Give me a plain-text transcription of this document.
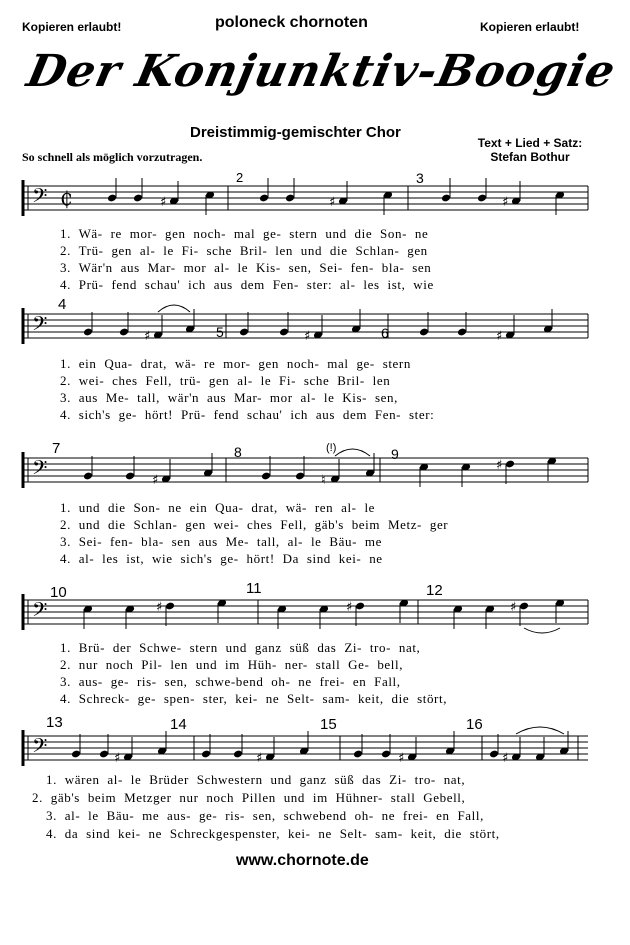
Kopieren erlaubt!	poloneck chornoten	Kopieren erlaubt!
Der Konjunktiv-Boogie
Dreistimmig-gemischter Chor
So schnell als möglich vorzutragen.
Text + Lied + Satz:
Stefan Bothur
𝄢 ₵	♯	♯	♯
𝄢	♯	♯	♯
𝄢	♯	♮
♯
𝄢	♯	♯	♯
𝄢	♯	♯	♯	♯
2	3
1. Wä- re mor- gen noch- mal ge- stern und die Son- ne
2. Trü- gen al- le Fi- sche Bril- len und die Schlan- gen
3. Wär'n aus Mar- mor al- le Kis- sen, Sei- fen- bla- sen
4. Prü- fend schau' ich aus dem Fen- ster: al- les ist, wie
4
5	6
1. ein Qua- drat, wä- re mor- gen noch- mal ge- stern
2. wei- ches Fell, trü- gen al- le Fi- sche Bril- len
3. aus Me- tall, wär'n aus Mar- mor al- le Kis- sen,
4. sich's ge- hört! Prü- fend schau' ich aus dem Fen- ster:
7	8	9
(!)
1. und die Son- ne ein Qua- drat, wä- ren al- le
2. und die Schlan- gen wei- ches Fell, gäb's beim Metz- ger
3. Sei- fen- bla- sen aus Me- tall, al- le Bäu- me
4. al- les ist, wie sich's ge- hört! Da sind kei- ne
10	11	12
1. Brü- der Schwe- stern und ganz süß das Zi- tro- nat,
2. nur noch Pil- len und im Hüh- ner- stall Ge- bell,
3. aus- ge- ris- sen, schwe-bend oh- ne frei- en Fall,
4. Schreck- ge- spen- ster, kei- ne Selt- sam- keit, die stört,
13	14	15	16
1. wären al- le Brüder Schwestern und ganz süß das Zi- tro- nat,
2. gäb's beim Metzger nur noch Pillen und im Hühner- stall Gebell,
3. al- le Bäu- me aus- ge- ris- sen, schwebend oh- ne frei- en Fall,
4. da sind kei- ne Schreckgespenster, kei- ne Selt- sam- keit, die stört,
www.chornote.de
